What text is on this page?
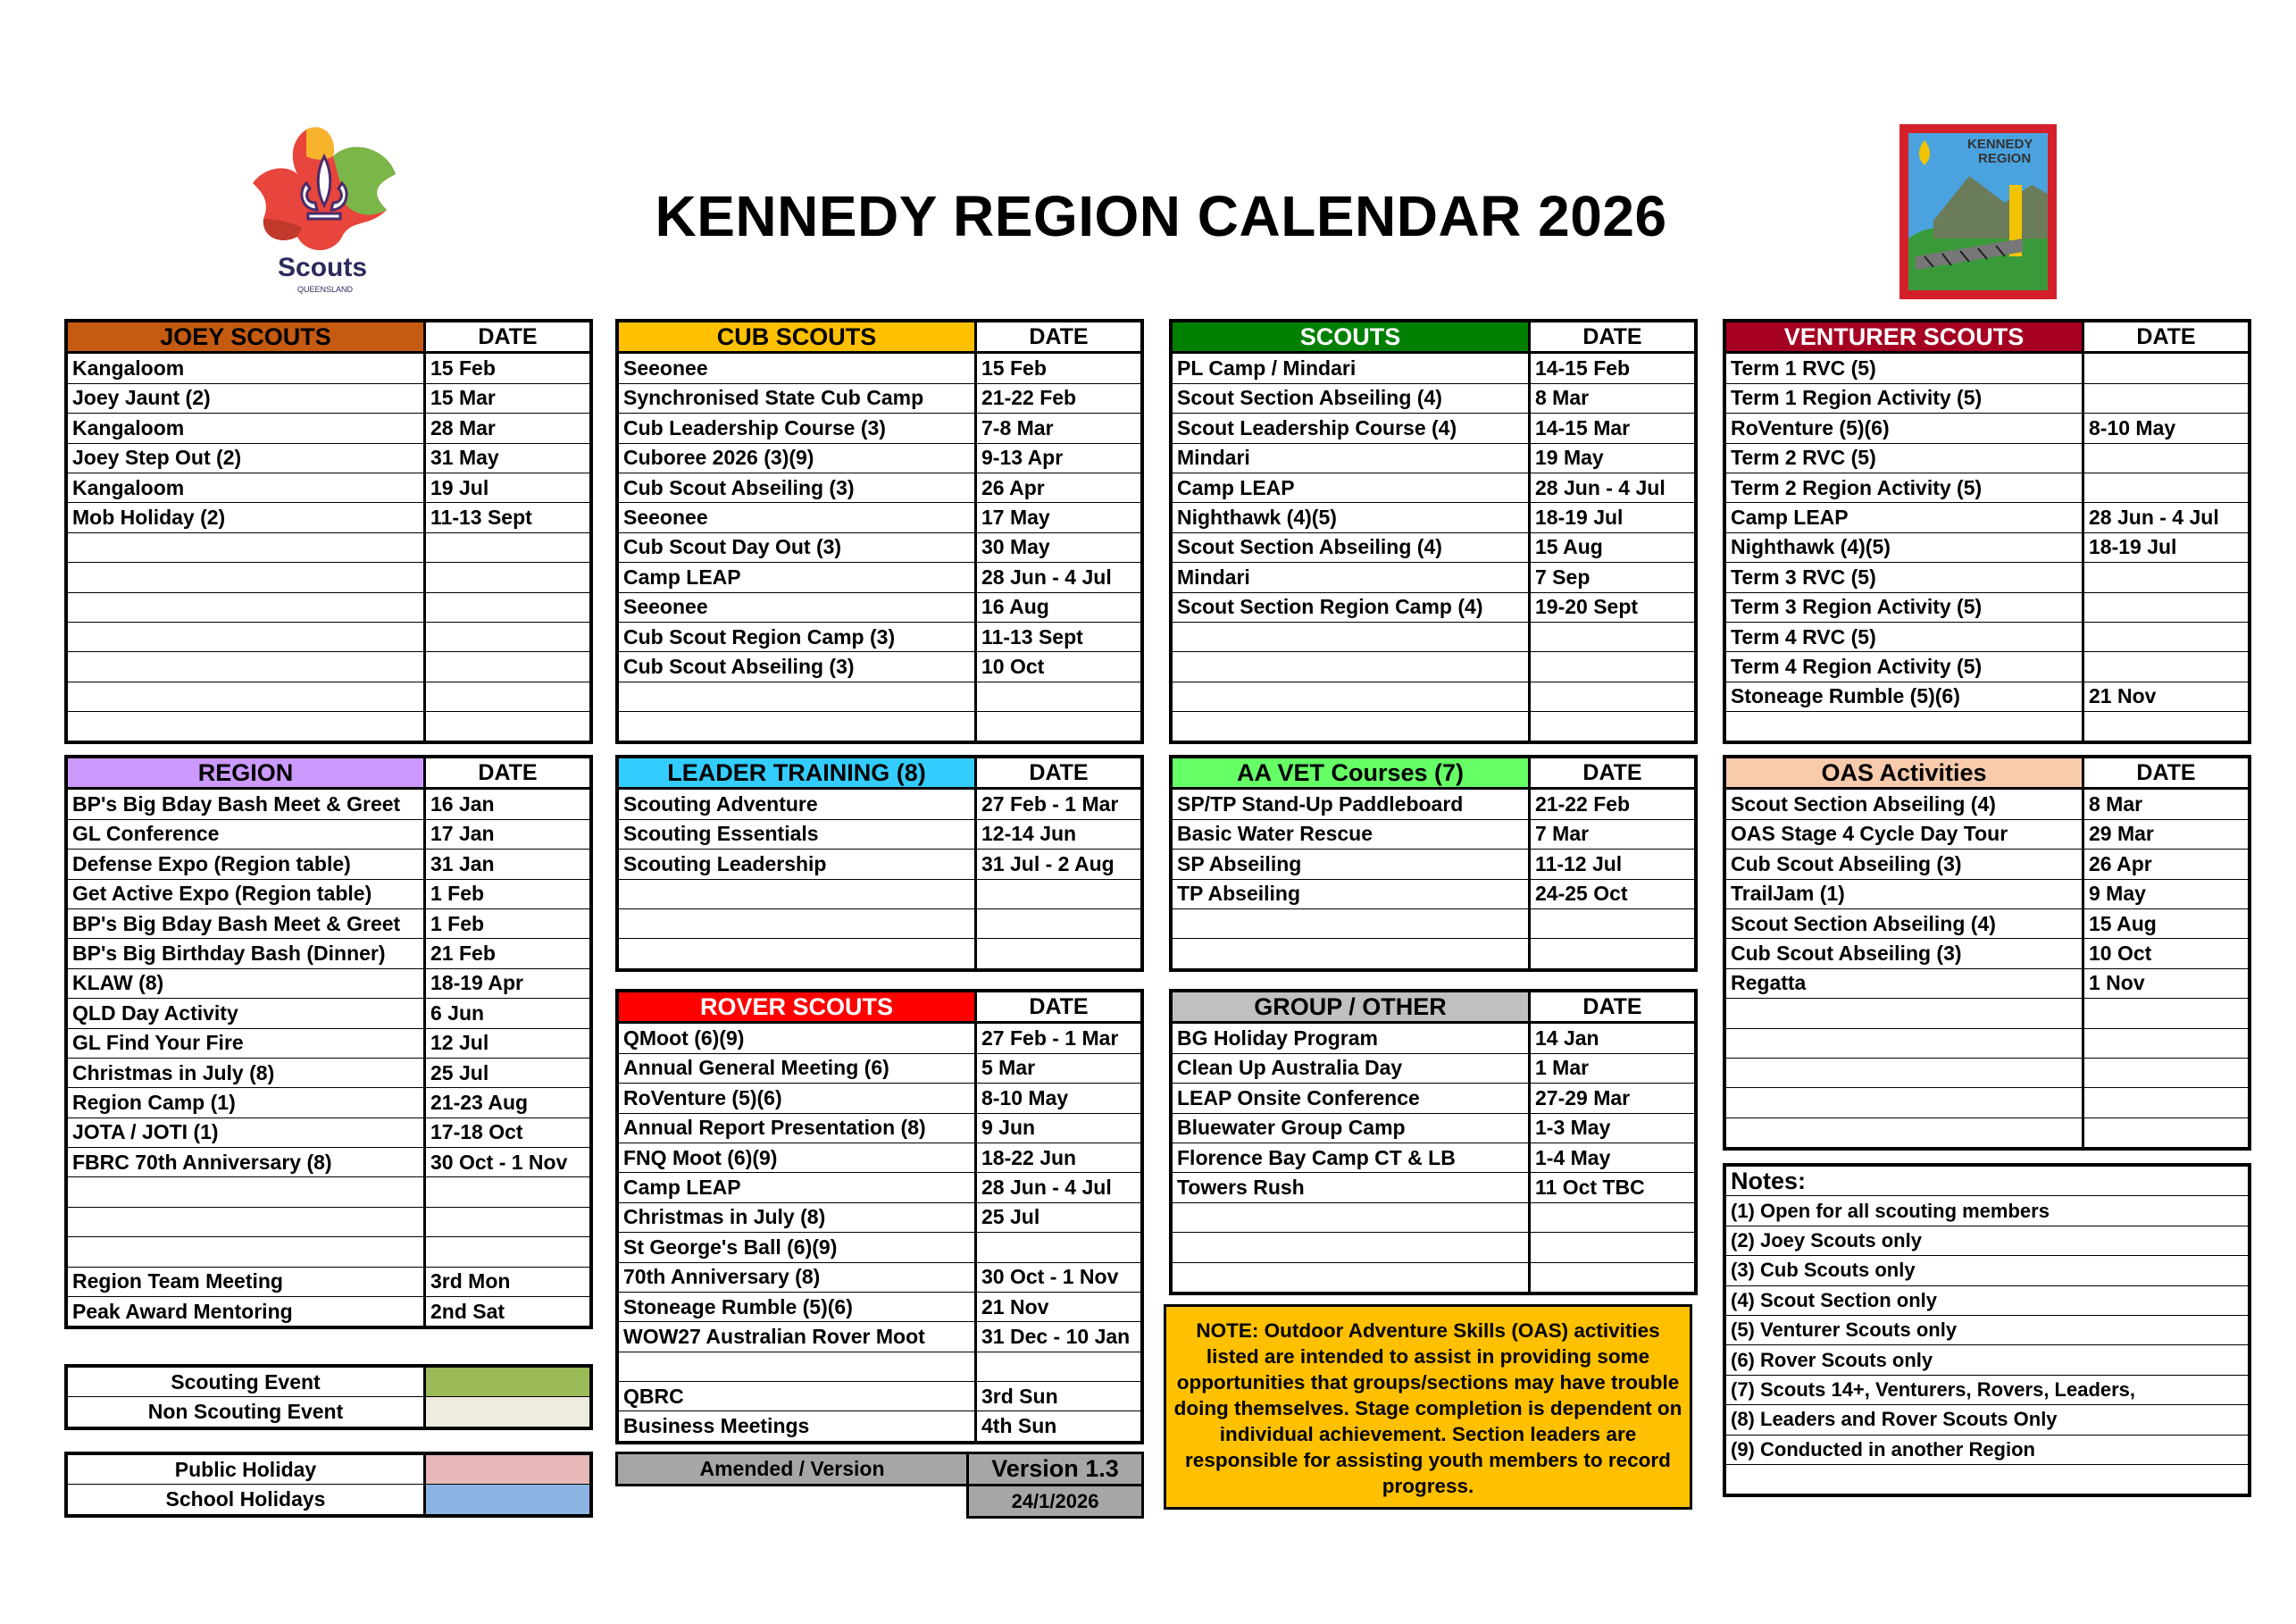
KENNEDY REGION CALENDAR 2026
Scouts
QUEENSLAND
KENNEDY
REGION
JOEY SCOUTS	DATE
Kangaloom	15 Feb
Joey Jaunt (2)	15 Mar
Kangaloom	28 Mar
Joey Step Out (2)	31 May
Kangaloom	19 Jul
Mob Holiday (2)	11-13 Sept

CUB SCOUTS	DATE
Seeonee	15 Feb
Synchronised State Cub Camp	21-22 Feb
Cub Leadership Course (3)	7-8 Mar
Cuboree 2026 (3)(9)	9-13 Apr
Cub Scout Abseiling (3)	26 Apr
Seeonee	17 May
Cub Scout Day Out (3)	30 May
Camp LEAP	28 Jun - 4 Jul
Seeonee	16 Aug
Cub Scout Region Camp (3)	11-13 Sept
Cub Scout Abseiling (3)	10 Oct

SCOUTS	DATE
PL Camp / Mindari	14-15 Feb
Scout Section Abseiling (4)	8 Mar
Scout Leadership Course (4)	14-15 Mar
Mindari	19 May
Camp LEAP	28 Jun - 4 Jul
Nighthawk (4)(5)	18-19 Jul
Scout Section Abseiling (4)	15 Aug
Mindari	7 Sep
Scout Section Region Camp (4)	19-20 Sept

VENTURER SCOUTS	DATE
Term 1 RVC (5)	
Term 1 Region Activity (5)	
RoVenture (5)(6)	8-10 May
Term 2 RVC (5)	
Term 2 Region Activity (5)	
Camp LEAP	28 Jun - 4 Jul
Nighthawk (4)(5)	18-19 Jul
Term 3 RVC (5)	
Term 3 Region Activity (5)	
Term 4 RVC (5)	
Term 4 Region Activity (5)	
Stoneage Rumble (5)(6)	21 Nov

REGION	DATE
BP's Big Bday Bash Meet & Greet	16 Jan
GL Conference	17 Jan
Defense Expo (Region table)	31 Jan
Get Active Expo (Region table)	1 Feb
BP's Big Bday Bash Meet & Greet	1 Feb
BP's Big Birthday Bash (Dinner)	21 Feb
KLAW (8)	18-19 Apr
QLD Day Activity	6 Jun
GL Find Your Fire	12 Jul
Christmas in July (8)	25 Jul
Region Camp (1)	21-23 Aug
JOTA / JOTI (1)	17-18 Oct
FBRC 70th Anniversary (8)	30 Oct - 1 Nov

Region Team Meeting	3rd Mon
Peak Award Mentoring	2nd Sat
LEADER TRAINING (8)	DATE
Scouting Adventure	27 Feb - 1 Mar
Scouting Essentials	12-14 Jun
Scouting Leadership	31 Jul - 2 Aug

AA VET Courses (7)	DATE
SP/TP Stand-Up Paddleboard	21-22 Feb
Basic Water Rescue	7 Mar
SP Abseiling	11-12 Jul
TP Abseiling	24-25 Oct

OAS Activities	DATE
Scout Section Abseiling (4)	8 Mar
OAS Stage 4 Cycle Day Tour	29 Mar
Cub Scout Abseiling (3)	26 Apr
TrailJam (1)	9 May
Scout Section Abseiling (4)	15 Aug
Cub Scout Abseiling (3)	10 Oct
Regatta	1 Nov

ROVER SCOUTS	DATE
QMoot (6)(9)	27 Feb - 1 Mar
Annual General Meeting (6)	5 Mar
RoVenture (5)(6)	8-10 May
Annual Report Presentation (8)	9 Jun
FNQ Moot (6)(9)	18-22 Jun
Camp LEAP	28 Jun - 4 Jul
Christmas in July (8)	25 Jul
St George's Ball (6)(9)	
70th Anniversary (8)	30 Oct - 1 Nov
Stoneage Rumble (5)(6)	21 Nov
WOW27 Australian Rover Moot	31 Dec - 10 Jan

QBRC	3rd Sun
Business Meetings	4th Sun
GROUP / OTHER	DATE
BG Holiday Program	14 Jan
Clean Up Australia Day	1 Mar
LEAP Onsite Conference	27-29 Mar
Bluewater Group Camp	1-3 May
Florence Bay Camp CT & LB	1-4 May
Towers Rush	11 Oct TBC

Scouting Event	
Non Scouting Event	
Public Holiday	
School Holidays	
Amended / Version	Version 1.3
	24/1/2026
NOTE: Outdoor Adventure Skills (OAS) activities listed are intended to assist in providing some opportunities that groups/sections may have trouble doing themselves. Stage completion is dependent on individual achievement. Section leaders are responsible for assisting youth members to record progress.
Notes:
(1) Open for all scouting members
(2) Joey Scouts only
(3) Cub Scouts only
(4) Scout Section only
(5) Venturer Scouts only
(6) Rover Scouts only
(7) Scouts 14+, Venturers, Rovers, Leaders,
(8) Leaders and Rover Scouts Only
(9) Conducted in another Region
